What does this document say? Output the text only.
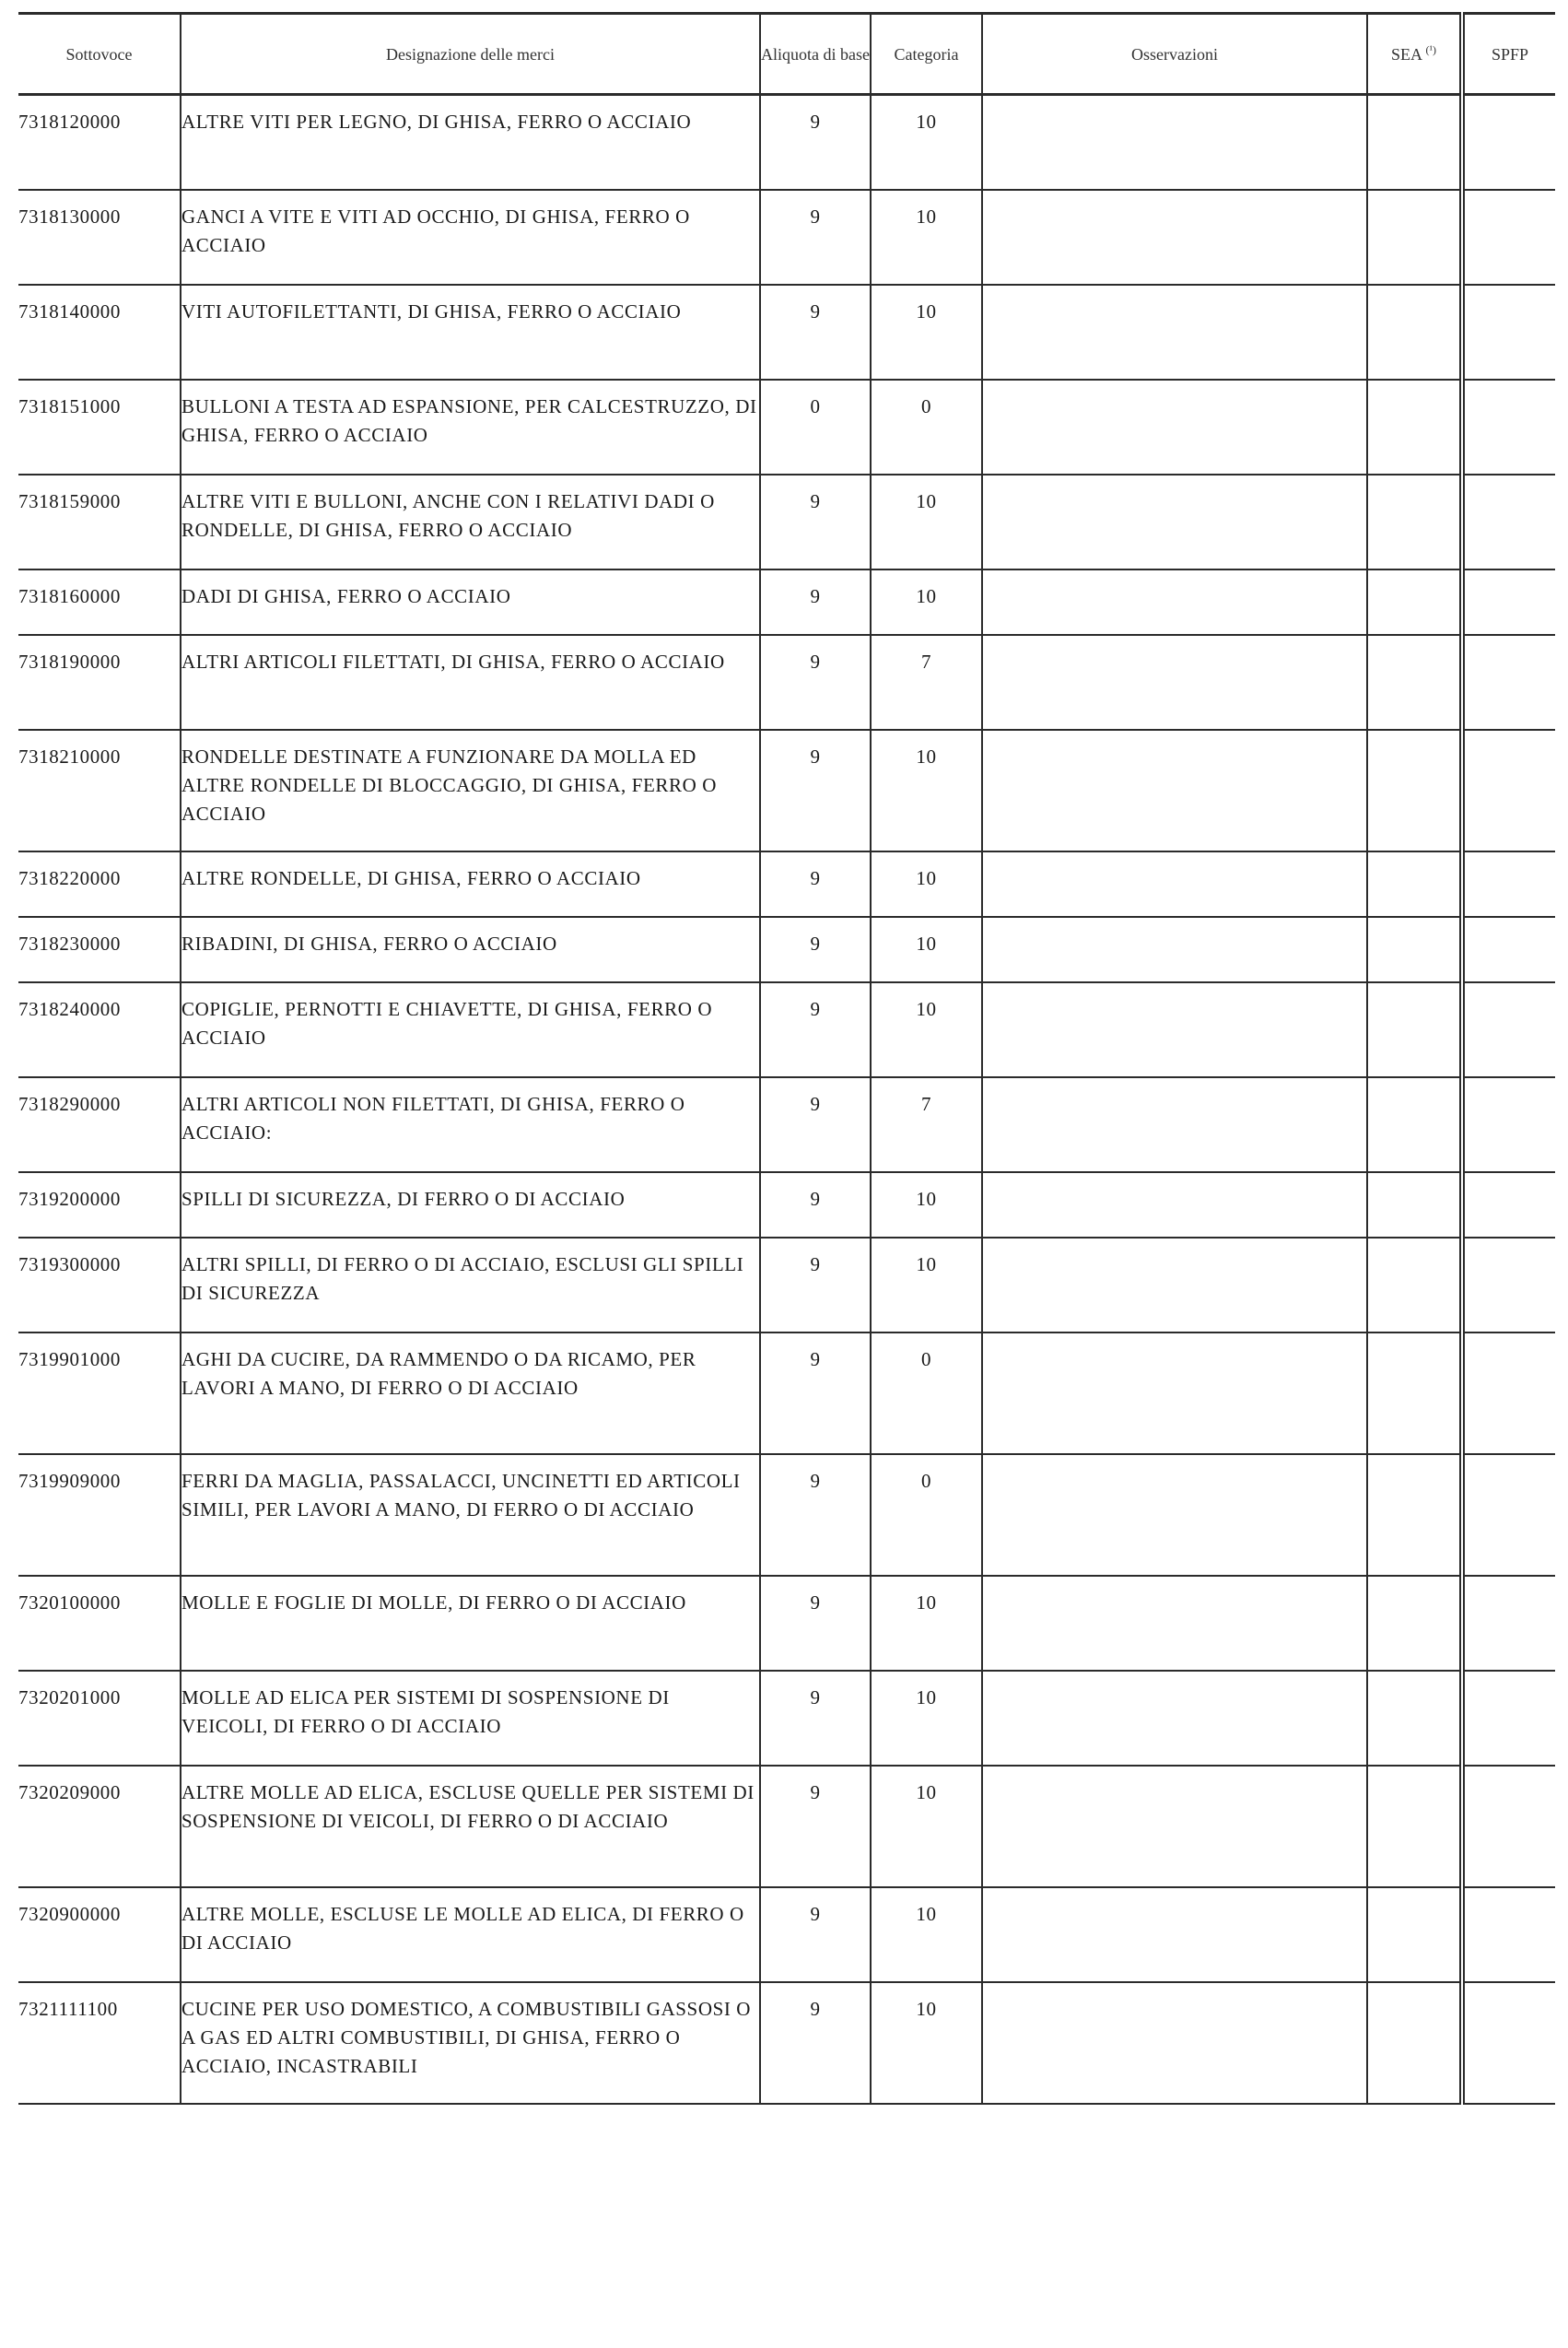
Sottovoce	Designazione delle merci	Aliquota di base	Categoria	Osservazioni	SEA $^{(^1)}$	SPFP
7318120000	ALTRE VITI PER LEGNO, DI GHISA, FERRO O ACCIAIO	9	10			
7318130000	GANCI A VITE E VITI AD OCCHIO, DI GHISA, FERRO O ACCIAIO	9	10			
7318140000	VITI AUTOFILETTANTI, DI GHISA, FERRO O ACCIAIO	9	10			
7318151000	BULLONI A TESTA AD ESPANSIONE, PER CALCESTRUZZO, DI GHISA, FERRO O ACCIAIO	0	0			
7318159000	ALTRE VITI E BULLONI, ANCHE CON I RELATIVI DADI O RONDELLE, DI GHISA, FERRO O ACCIAIO	9	10			
7318160000	DADI DI GHISA, FERRO O ACCIAIO	9	10			
7318190000	ALTRI ARTICOLI FILETTATI, DI GHISA, FERRO O ACCIAIO	9	7			
7318210000	RONDELLE DESTINATE A FUNZIONARE DA MOLLA ED ALTRE RONDELLE DI BLOCCAGGIO, DI GHISA, FERRO O ACCIAIO	9	10			
7318220000	ALTRE RONDELLE, DI GHISA, FERRO O ACCIAIO	9	10			
7318230000	RIBADINI, DI GHISA, FERRO O ACCIAIO	9	10			
7318240000	COPIGLIE, PERNOTTI E CHIAVETTE, DI GHISA, FERRO O ACCIAIO	9	10			
7318290000	ALTRI ARTICOLI NON FILETTATI, DI GHISA, FERRO O ACCIAIO:	9	7			
7319200000	SPILLI DI SICUREZZA, DI FERRO O DI ACCIAIO	9	10			
7319300000	ALTRI SPILLI, DI FERRO O DI ACCIAIO, ESCLUSI GLI SPILLI DI SICUREZZA	9	10			
7319901000	AGHI DA CUCIRE, DA RAMMENDO O DA RICAMO, PER LAVORI A MANO, DI FERRO O DI ACCIAIO	9	0			
7319909000	FERRI DA MAGLIA, PASSALACCI, UNCINETTI ED ARTICOLI SIMILI, PER LAVORI A MANO, DI FERRO O DI ACCIAIO	9	0			
7320100000	MOLLE E FOGLIE DI MOLLE, DI FERRO O DI ACCIAIO	9	10			
7320201000	MOLLE AD ELICA PER SISTEMI DI SOSPENSIONE DI VEICOLI, DI FERRO O DI ACCIAIO	9	10			
7320209000	ALTRE MOLLE AD ELICA, ESCLUSE QUELLE PER SISTEMI DI SOSPENSIONE DI VEICOLI, DI FERRO O DI ACCIAIO	9	10			
7320900000	ALTRE MOLLE, ESCLUSE LE MOLLE AD ELICA, DI FERRO O DI ACCIAIO	9	10			
7321111100	CUCINE PER USO DOMESTICO, A COMBUSTIBILI GASSOSI O A GAS ED ALTRI COMBUSTIBILI, DI GHISA, FERRO O ACCIAIO, INCASTRABILI	9	10			
